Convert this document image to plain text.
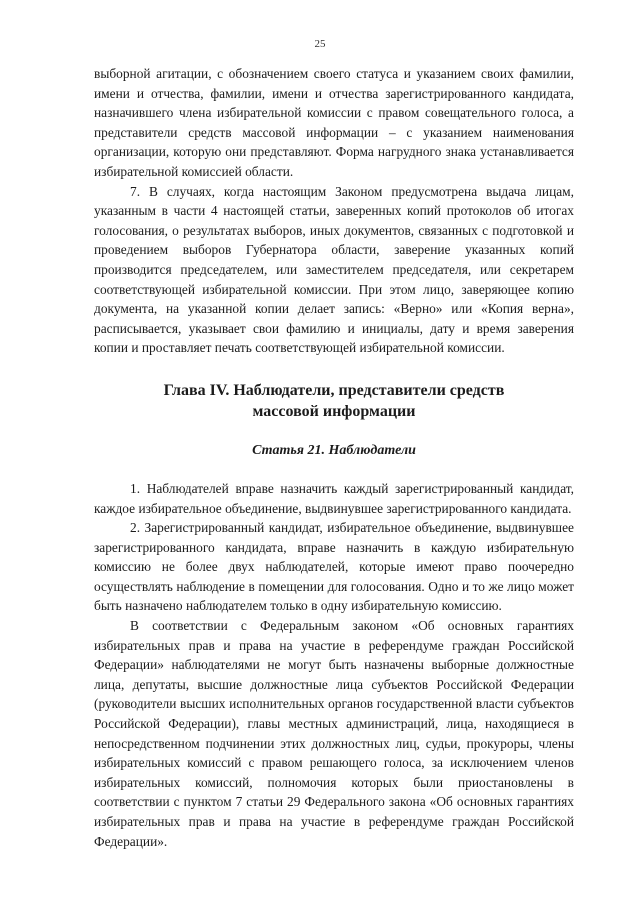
25

выборной агитации, с обозначением своего статуса и указанием своих фамилии, имени и отчества, фамилии, имени и отчества зарегистрированного кандидата, назначившего члена избирательной комиссии с правом совещательного голоса, а представители средств массовой информации – с указанием наименования организации, которую они представляют. Форма нагрудного знака устанавливается избирательной комиссией области.

7. В случаях, когда настоящим Законом предусмотрена выдача лицам, указанным в части 4 настоящей статьи, заверенных копий протоколов об итогах голосования, о результатах выборов, иных документов, связанных с подготовкой и проведением выборов Губернатора области, заверение указанных копий производится председателем, или заместителем председателя, или секретарем соответствующей избирательной комиссии. При этом лицо, заверяющее копию документа, на указанной копии делает запись: «Верно» или «Копия верна», расписывается, указывает свои фамилию и инициалы, дату и время заверения копии и проставляет печать соответствующей избирательной комиссии.

Глава IV. Наблюдатели, представители средств
массовой информации
Статья 21. Наблюдатели

1. Наблюдателей вправе назначить каждый зарегистрированный кандидат, каждое избирательное объединение, выдвинувшее зарегистрированного кандидата.

2. Зарегистрированный кандидат, избирательное объединение, выдвинувшее зарегистрированного кандидата, вправе назначить в каждую избирательную комиссию не более двух наблюдателей, которые имеют право поочередно осуществлять наблюдение в помещении для голосования. Одно и то же лицо может быть назначено наблюдателем только в одну избирательную комиссию.

В соответствии с Федеральным законом «Об основных гарантиях избирательных прав и права на участие в референдуме граждан Российской Федерации» наблюдателями не могут быть назначены выборные должностные лица, депутаты, высшие должностные лица субъектов Российской Федерации (руководители высших исполнительных органов государственной власти субъектов Российской Федерации), главы местных администраций, лица, находящиеся в непосредственном подчинении этих должностных лиц, судьи, прокуроры, члены избирательных комиссий с правом решающего голоса, за исключением членов избирательных комиссий, полномочия которых были приостановлены в соответствии с пунктом 7 статьи 29 Федерального закона «Об основных гарантиях избирательных прав и права на участие в референдуме граждан Российской Федерации».
